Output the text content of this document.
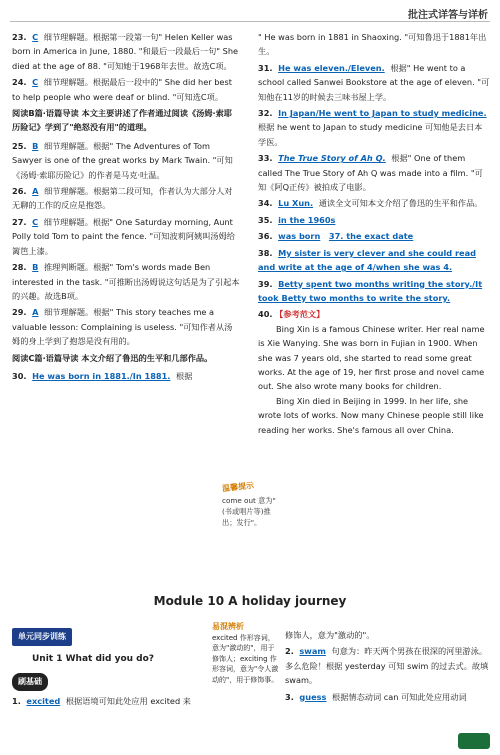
批注式详答与详析
23. C 细节理解题。根据第一段第一句" Helen Keller was born in America in June, 1880. "和最后一段最后一句" She died at the age of 88. "可知她于1968年去世。故选C项。
24. C 细节理解题。根据最后一段中的" She did her best to help people who were deaf or blind. "可知选C项。
阅读B篇·语篇导读 本文主要讲述了作者通过阅读《汤姆·索耶历险记》学到了"绝怒没有用"的道理。
25. B 细节理解题。根据" The Adventures of Tom Sawyer is one of the great works by Mark Twain. "可知《汤姆·索耶历险记》的作者是马克·吐温。
26. A 细节理解题。根据第二段可知，作者认为大部分人对无聊的工作的反应是抱怨。
27. C 细节理解题。根据" One Saturday morning, Aunt Polly told Tom to paint the fence. "可知波莉阿姨叫汤姆给篱笆上漆。
28. B 推理判断题。根据" Tom's words made Ben interested in the task. "可推断出汤姆说这句话是为了引起本的兴趣。故选B项。
29. A 细节理解题。根据" This story teaches me a valuable lesson: Complaining is useless. "可知作者从汤姆的身上学到了抱怨是没有用的。
阅读C篇·语篇导读 本文介绍了鲁迅的生平和几部作品。
30. He was born in 1881./In 1881. 根据
温馨提示
come out 意为"(书或唱片等)推出；发行"。
" He was born in 1881 in Shaoxing. "可知鲁迅于1881年出生。
31. He was eleven./Eleven. 根据" He went to a school called Sanwei Bookstore at the age of eleven. "可知他在11岁的时候去三味书屋上学。
32. In Japan/He went to Japan to study medicine. 根据 he went to Japan to study medicine 可知他是去日本学医。
33. The True Story of Ah Q. 根据" One of them called The True Story of Ah Q was made into a film. "可知《阿Q正传》被拍成了电影。
34. Lu Xun. 通读全文可知本文介绍了鲁迅的生平和作品。
35. in the 1960s
36. was born 37. the exact date
38. My sister is very clever and she could read and write at the age of 4/when she was 4.
39. Betty spent two months writing the story./It took Betty two months to write the story.
40. 【参考范文】
Bing Xin is a famous Chinese writer. Her real name is Xie Wanying. She was born in Fujian in 1900. When she was 7 years old, she started to read some great works. At the age of 19, her first prose and novel came out. She also wrote many books for children.
Bing Xin died in Beijing in 1999. In her life, she wrote lots of works. Now many Chinese people still like reading her works. She's famous all over China.
Module 10 A holiday journey
单元同步训练
Unit 1 What did you do?
刷基础
1. excited 根据语境可知此处应用 excited 来
易混辨析
excited 作形容词，意为"激动的"，用于修饰人；exciting 作形容词，意为"令人激动的"，用于修饰事。
修饰人，意为"激动的"。
2. swam 句意为：昨天两个男孩在很深的河里游泳。多么危险！根据 yesterday 可知 swim 的过去式。故填 swam。
3. guess 根据情态动词 can 可知此处应用动词
